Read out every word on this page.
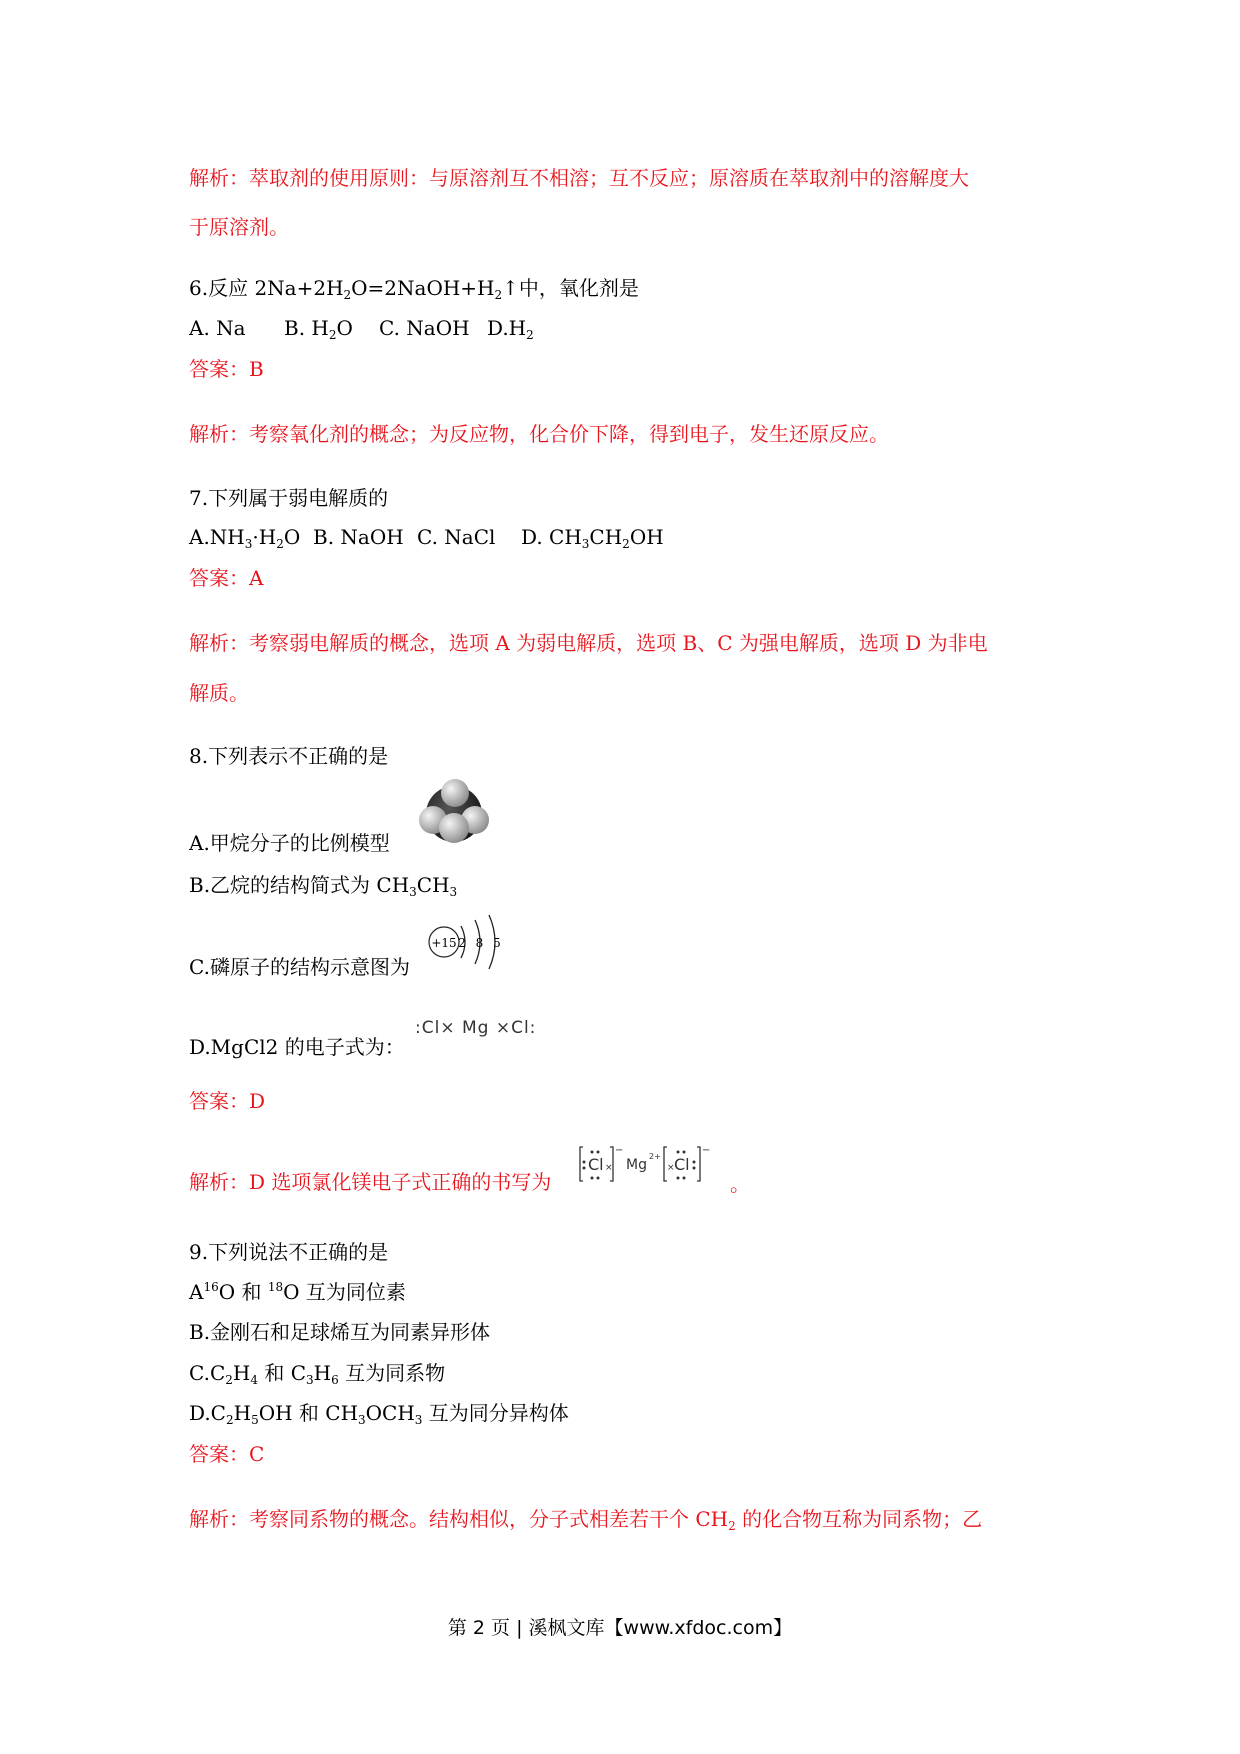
解析：萃取剂的使用原则：与原溶剂互不相溶；互不反应；原溶质在萃取剂中的溶解度大
于原溶剂。
6.反应 $2Na+2H_2O=2NaOH+H_2↑$中，氧化剂是
A. Na B. $H_2O$ C. NaOH $D.H_2$
答案：B
解析：考察氧化剂的概念；为反应物，化合价下降，得到电子，发生还原反应。
7.下列属于弱电解质的
$A.NH_3\cdot H_2O$ B. NaOH C. NaCl D. $CH_3CH_2OH$
答案：A
解析：考察弱电解质的概念，选项 A 为弱电解质，选项 B、C 为强电解质，选项 D 为非电
解质。
8.下列表示不正确的是
A.甲烷分子的比例模型
B.乙烷的结构简式为 $CH_3CH_3$
+15 2 8 5
C.磷原子的结构示意图为
:Cl× Mg ×Cl:
D.MgCl2 的电子式为：
答案：D
解析：D 选项氯化镁电子式正确的书写为
Cl ×
−
Mg
2+
× Cl
−
。
9.下列说法不正确的是
$A^{16}O$ 和 $^{18}$O 互为同位素
B.金刚石和足球烯互为同素异形体
$C.C_2H_4$ 和 $C_3H_6$ 互为同系物
$D.C_2H_5OH$ 和 $CH_3OCH_3$ 互为同分异构体
答案：C
解析：考察同系物的概念。结构相似，分子式相差若干个 $CH_2$ 的化合物互称为同系物；乙
第 2 页 | 溪枫文库【www.xfdoc.com】
